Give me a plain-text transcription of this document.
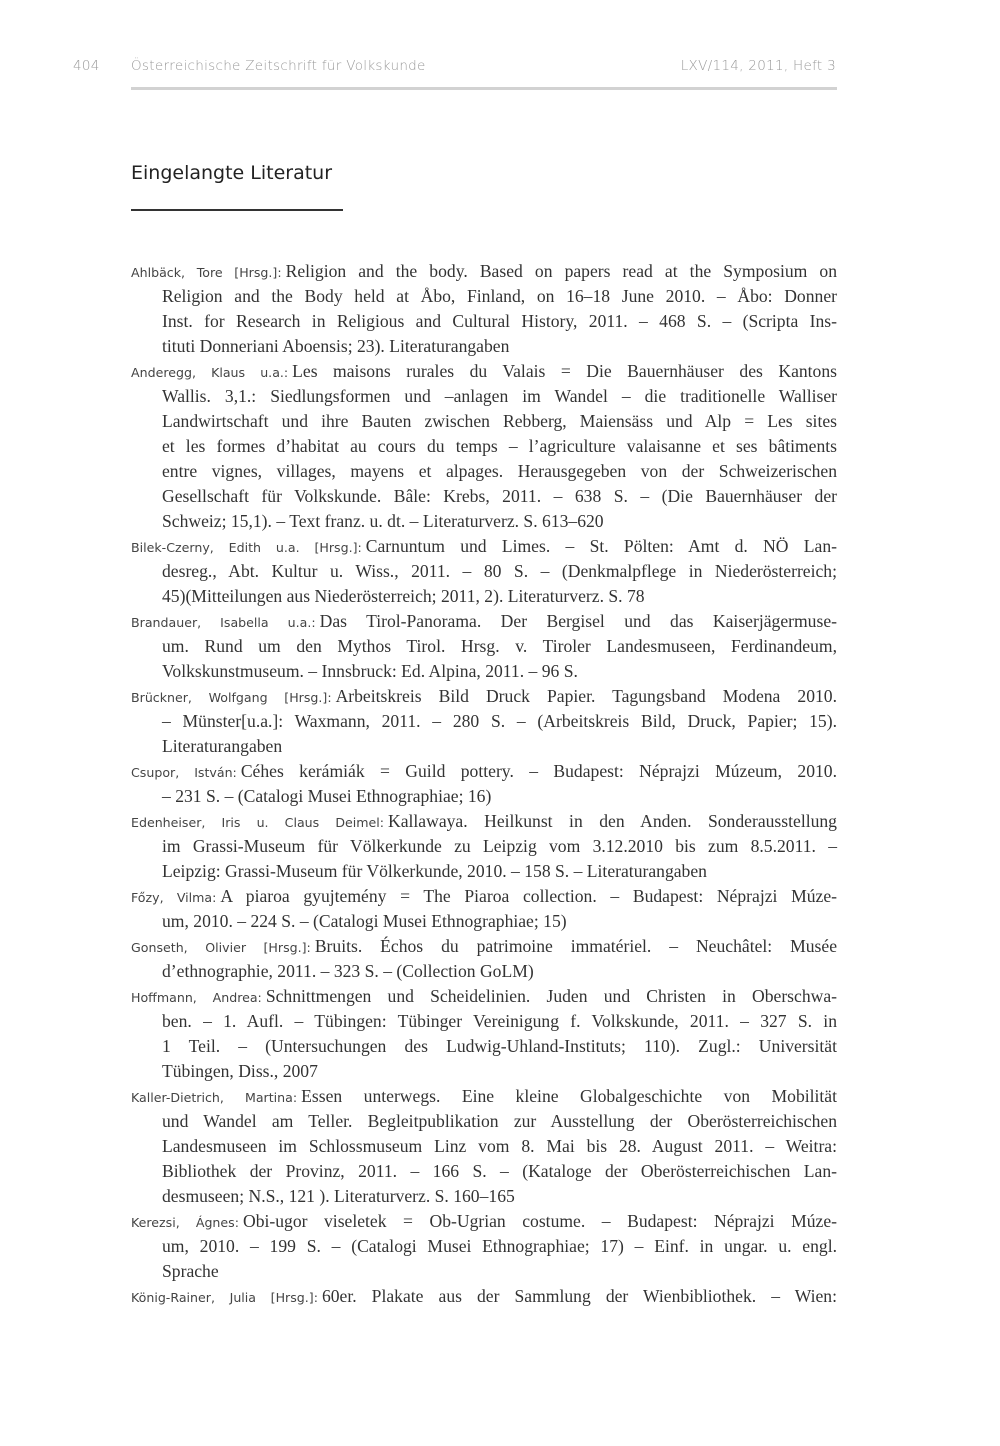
404 Österreichische Zeitschrift für Volkskunde	LXV/114, 2011, Heft 3
Eingelangte Literatur
Ahlbäck, Tore [Hrsg.]: Religion and the body. Based on papers read at the Symposium on
Religion and the Body held at Åbo, Finland, on 16–18 June 2010. – Åbo: Donner
Inst. for Research in Religious and Cultural History, 2011. – 468 S. – (Scripta Ins-
tituti Donneriani Aboensis; 23). Literaturangaben
Anderegg, Klaus u.a.: Les maisons rurales du Valais = Die Bauernhäuser des Kantons
Wallis. 3,1.: Siedlungsformen und –anlagen im Wandel – die traditionelle Walliser
Landwirtschaft und ihre Bauten zwischen Rebberg, Maiensäss und Alp = Les sites
et les formes d’habitat au cours du temps – l’agriculture valaisanne et ses bâtiments
entre vignes, villages, mayens et alpages. Herausgegeben von der Schweizerischen
Gesellschaft für Volkskunde. Bâle: Krebs, 2011. – 638 S. – (Die Bauernhäuser der
Schweiz; 15,1). – Text franz. u. dt. – Literaturverz. S. 613–620
Bilek-Czerny, Edith u.a. [Hrsg.]: Carnuntum und Limes. – St. Pölten: Amt d. NÖ Lan-
desreg., Abt. Kultur u. Wiss., 2011. – 80 S. – (Denkmalpflege in Niederösterreich;
45)(Mitteilungen aus Niederösterreich; 2011, 2). Literaturverz. S. 78
Brandauer, Isabella u.a.: Das Tirol-Panorama. Der Bergisel und das Kaiserjägermuse-
um. Rund um den Mythos Tirol. Hrsg. v. Tiroler Landesmuseen, Ferdinandeum,
Volkskunstmuseum. – Innsbruck: Ed. Alpina, 2011. – 96 S.
Brückner, Wolfgang [Hrsg.]: Arbeitskreis Bild Druck Papier. Tagungsband Modena 2010.
– Münster[u.a.]: Waxmann, 2011. – 280 S. – (Arbeitskreis Bild, Druck, Papier; 15).
Literaturangaben
Csupor, István: Céhes kerámiák = Guild pottery. – Budapest: Néprajzi Múzeum, 2010.
– 231 S. – (Catalogi Musei Ethnographiae; 16)
Edenheiser, Iris u. Claus Deimel: Kallawaya. Heilkunst in den Anden. Sonderausstellung
im Grassi-Museum für Völkerkunde zu Leipzig vom 3.12.2010 bis zum 8.5.2011. –
Leipzig: Grassi-Museum für Völkerkunde, 2010. – 158 S. – Literaturangaben
Főzy, Vilma: A piaroa gyujtemény = The Piaroa collection. – Budapest: Néprajzi Múze-
um, 2010. – 224 S. – (Catalogi Musei Ethnographiae; 15)
Gonseth, Olivier [Hrsg.]: Bruits. Échos du patrimoine immatériel. – Neuchâtel: Musée
d’ethnographie, 2011. – 323 S. – (Collection GoLM)
Hoffmann, Andrea: Schnittmengen und Scheidelinien. Juden und Christen in Oberschwa-
ben. – 1. Aufl. – Tübingen: Tübinger Vereinigung f. Volkskunde, 2011. – 327 S. in
1 Teil. – (Untersuchungen des Ludwig-Uhland-Instituts; 110). Zugl.: Universität
Tübingen, Diss., 2007
Kaller-Dietrich, Martina: Essen unterwegs. Eine kleine Globalgeschichte von Mobilität
und Wandel am Teller. Begleitpublikation zur Ausstellung der Oberösterreichischen
Landesmuseen im Schlossmuseum Linz vom 8. Mai bis 28. August 2011. – Weitra:
Bibliothek der Provinz, 2011. – 166 S. – (Kataloge der Oberösterreichischen Lan-
desmuseen; N.S., 121 ). Literaturverz. S. 160–165
Kerezsi, Ágnes: Obi-ugor viseletek = Ob-Ugrian costume. – Budapest: Néprajzi Múze-
um, 2010. – 199 S. – (Catalogi Musei Ethnographiae; 17) – Einf. in ungar. u. engl.
Sprache
König-Rainer, Julia [Hrsg.]: 60er. Plakate aus der Sammlung der Wienbibliothek. – Wien:
